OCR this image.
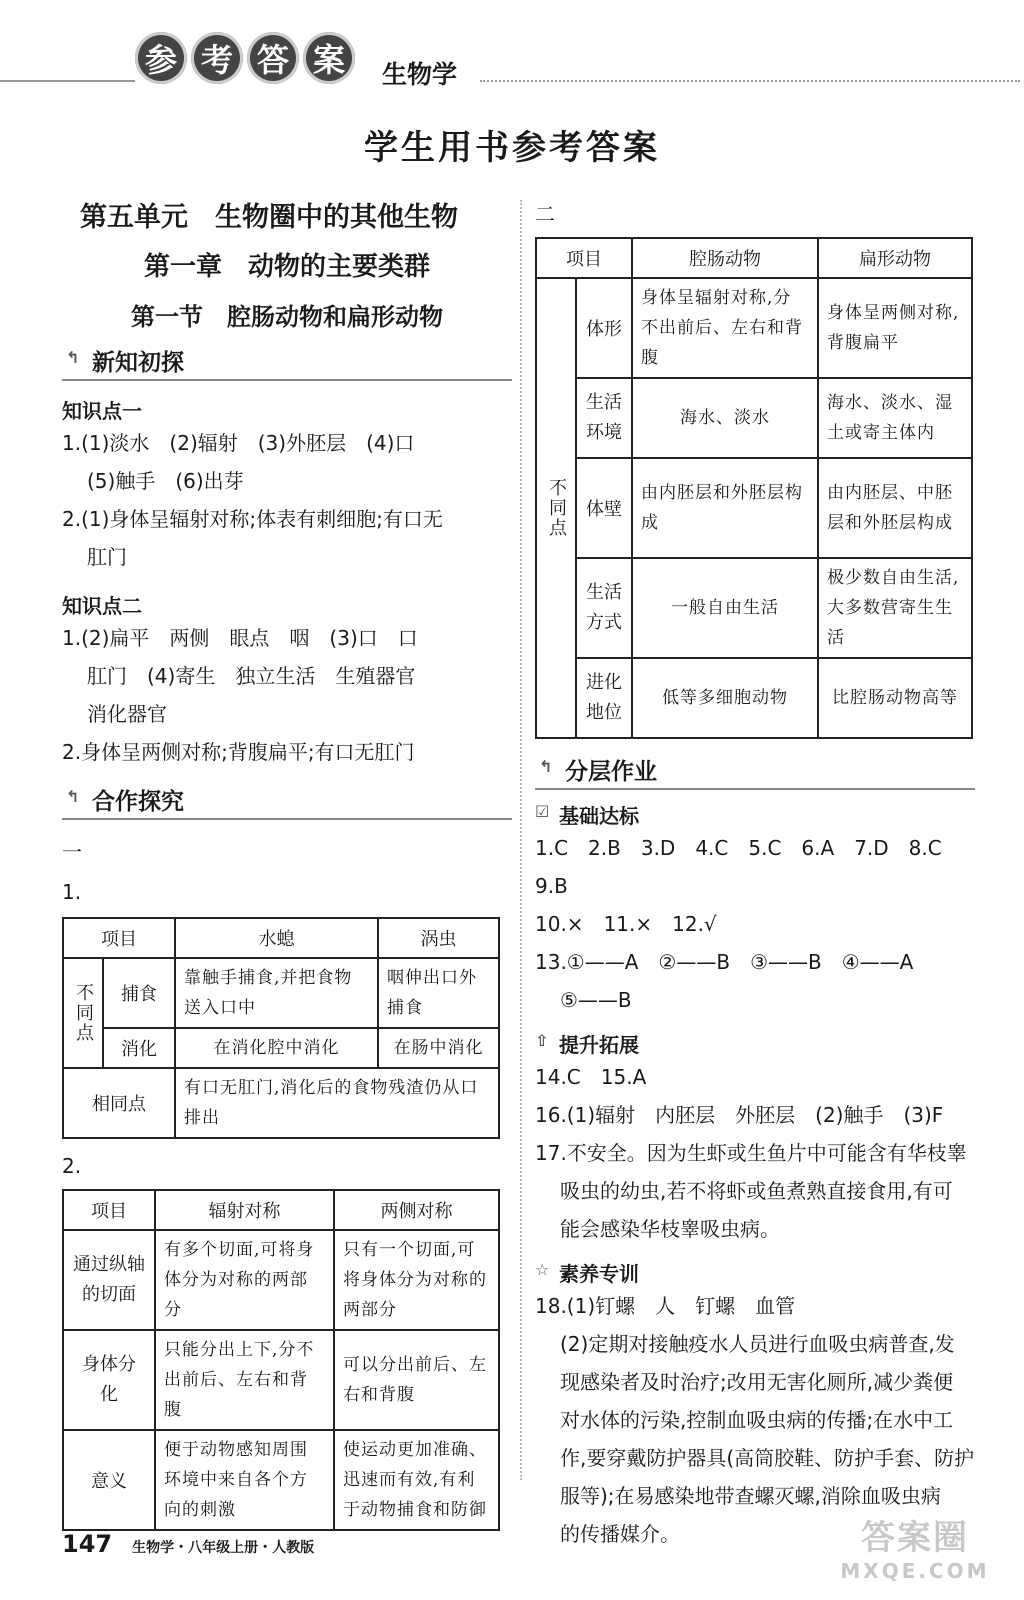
参 考 答 案	生物学
学生用书参考答案
第五单元　生物圈中的其他生物
第一章　动物的主要类群
第一节　腔肠动物和扁形动物
↰ 新知初探
知识点一
1.(1)淡水　(2)辐射　(3)外胚层　(4)口
(5)触手　(6)出芽
2.(1)身体呈辐射对称;体表有刺细胞;有口无
肛门
知识点二
1.(2)扁平　两侧　眼点　咽　(3)口　口
肛门　(4)寄生　独立生活　生殖器官
消化器官
2.身体呈两侧对称;背腹扁平;有口无肛门
↰ 合作探究
一
1.
项目		水螅	涡虫
不同点	捕食	靠触手捕食,并把食物送入口中	咽伸出口外捕食
	消化	在消化腔中消化	在肠中消化
相同点		有口无肛门,消化后的食物残渣仍从口排出	
2.
项目	辐射对称	两侧对称
通过纵轴的切面	有多个切面,可将身体分为对称的两部分	只有一个切面,可将身体分为对称的两部分
身体分化	只能分出上下,分不出前后、左右和背腹	可以分出前后、左右和背腹
意义	便于动物感知周围环境中来自各个方向的刺激	使运动更加准确、迅速而有效,有利于动物捕食和防御
二
项目		腔肠动物	扁形动物
不同点	体形	身体呈辐射对称,分不出前后、左右和背腹	身体呈两侧对称,背腹扁平
	生活环境	海水、淡水	海水、淡水、湿土或寄主体内
	体壁	由内胚层和外胚层构成	由内胚层、中胚层和外胚层构成
	生活方式	一般自由生活	极少数自由生活,大多数营寄生生活
	进化地位	低等多细胞动物	比腔肠动物高等
↰ 分层作业
☑ 基础达标
1.C　2.B　3.D　4.C　5.C　6.A　7.D　8.C
9.B
10.×　11.×　12.√
13.①——A　②——B　③——B　④——A
⑤——B
⇧ 提升拓展
14.C　15.A
16.(1)辐射　内胚层　外胚层　(2)触手　(3)F
17.不安全。因为生虾或生鱼片中可能含有华枝睾
吸虫的幼虫,若不将虾或鱼煮熟直接食用,有可
能会感染华枝睾吸虫病。
☆ 素养专训
18.(1)钉螺　人　钉螺　血管
(2)定期对接触疫水人员进行血吸虫病普查,发
现感染者及时治疗;改用无害化厕所,减少粪便
对水体的污染,控制血吸虫病的传播;在水中工
作,要穿戴防护器具(高筒胶鞋、防护手套、防护
服等);在易感染地带查螺灭螺,消除血吸虫病
的传播媒介。
147 生物学・八年级上册・人教版	答案圈
MXQE.COM
